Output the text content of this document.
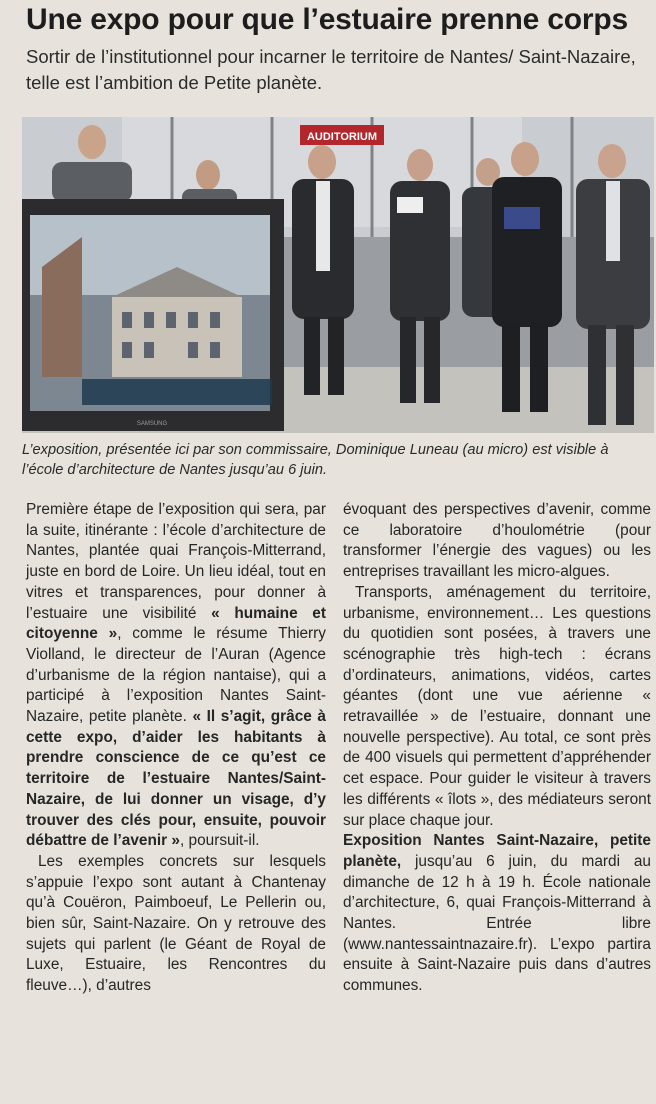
Une expo pour que l’estuaire prenne corps

Sortir de l’institutionnel pour incarner le territoire de Nantes/ Saint-Nazaire, telle est l’ambition de Petite planète.

AUDITORIUM
SAMSUNG

L’exposition, présentée ici par son commissaire, Dominique Luneau (au micro) est visible à l’école d’architecture de Nantes jusqu’au 6 juin.

Première étape de l’exposition qui sera, par la suite, itinérante : l’école d’architecture de Nantes, plantée quai François-Mitterrand, juste en bord de Loire. Un lieu idéal, tout en vitres et transparences, pour donner à l’estuaire une visibilité « humaine et citoyenne », comme le résume Thierry Violland, le directeur de l’Auran (Agence d’urbanisme de la région nantaise), qui a participé à l’exposition Nantes Saint-Nazaire, petite planète. « Il s’agit, grâce à cette expo, d’aider les habitants à prendre conscience de ce qu’est ce territoire de l’estuaire Nantes/Saint-Nazaire, de lui donner un visage, d’y trouver des clés pour, ensuite, pouvoir débattre de l’avenir », poursuit-il.

Les exemples concrets sur lesquels s’appuie l’expo sont autant à Chantenay qu’à Couëron, Paimboeuf, Le Pellerin ou, bien sûr, Saint-Nazaire. On y retrouve des sujets qui parlent (le Géant de Royal de Luxe, Estuaire, les Rencontres du fleuve…), d’autres

évoquant des perspectives d’avenir, comme ce laboratoire d’houlométrie (pour transformer l’énergie des vagues) ou les entreprises travaillant les micro-algues.

Transports, aménagement du territoire, urbanisme, environnement… Les questions du quotidien sont posées, à travers une scénographie très high-tech : écrans d’ordinateurs, animations, vidéos, cartes géantes (dont une vue aérienne « retravaillée » de l’estuaire, donnant une nouvelle perspective). Au total, ce sont près de 400 visuels qui permettent d’appréhender cet espace. Pour guider le visiteur à travers les différents « îlots », des médiateurs seront sur place chaque jour.

Exposition Nantes Saint-Nazaire, petite planète, jusqu’au 6 juin, du mardi au dimanche de 12 h à 19 h. École nationale d’architecture, 6, quai François-Mitterrand à Nantes. Entrée libre (www.nantessaintnazaire.fr). L’expo partira ensuite à Saint-Nazaire puis dans d’autres communes.
